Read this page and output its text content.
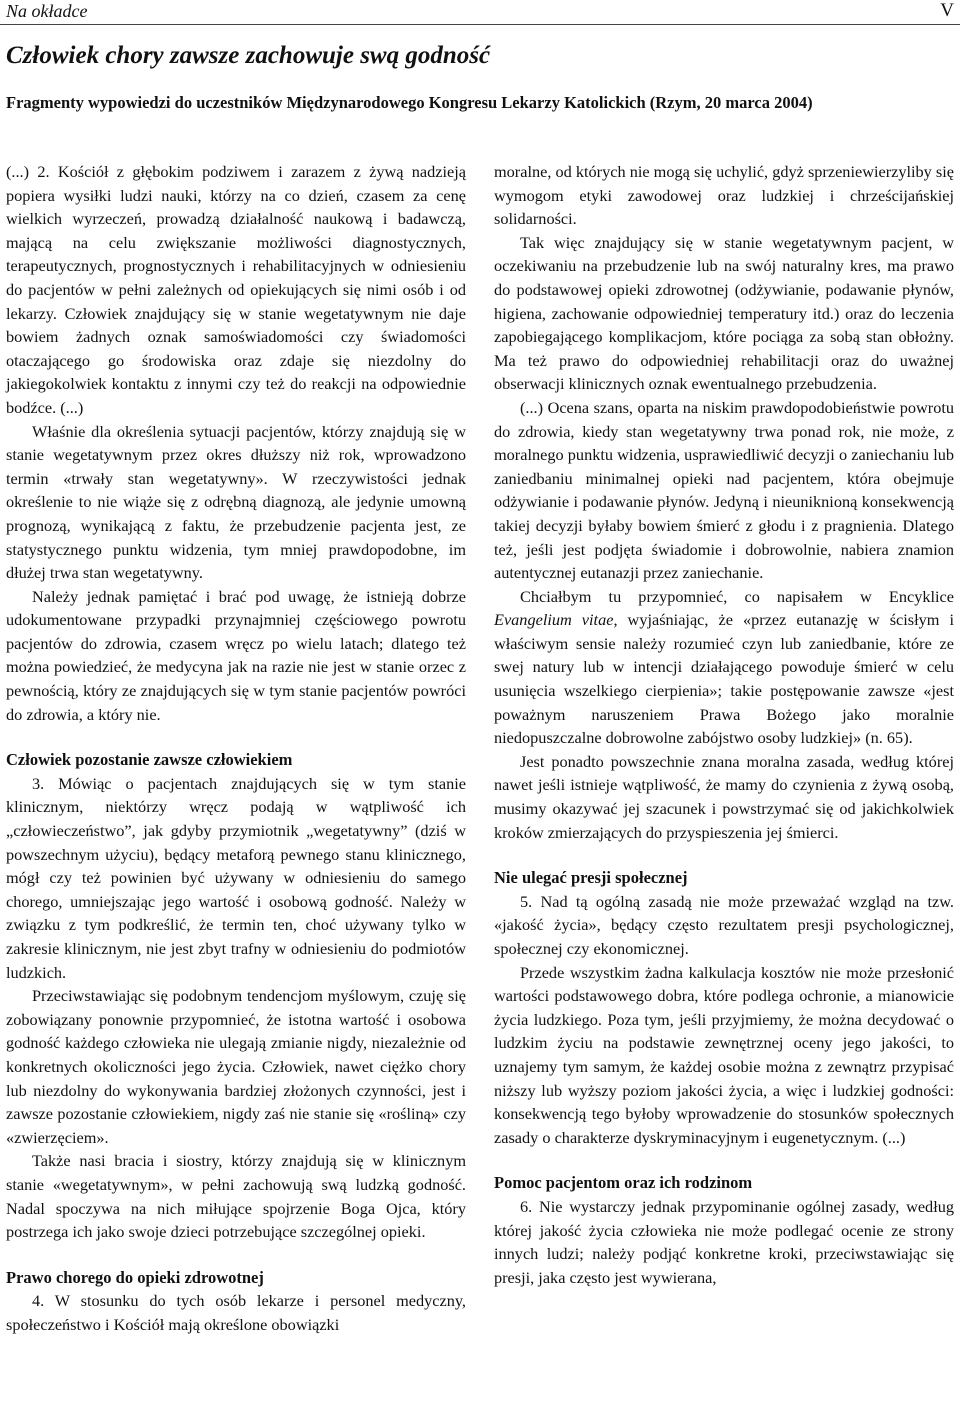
Na okładce	V
Człowiek chory zawsze zachowuje swą godność
Fragmenty wypowiedzi do uczestników Międzynarodowego Kongresu Lekarzy Katolickich (Rzym, 20 marca 2004)

(...) 2. Kościół z głębokim podziwem i zarazem z żywą nadzieją popiera wysiłki ludzi nauki, którzy na co dzień, czasem za cenę wielkich wyrzeczeń, prowadzą działalność naukową i badawczą, mającą na celu zwiększanie możliwości diagnostycznych, terapeutycznych, prognostycznych i rehabilitacyjnych w odniesieniu do pacjentów w pełni zależnych od opiekujących się nimi osób i od lekarzy. Człowiek znajdujący się w stanie wegetatywnym nie daje bowiem żadnych oznak samoświadomości czy świadomości otaczającego go środowiska oraz zdaje się niezdolny do jakiegokolwiek kontaktu z innymi czy też do reakcji na odpowiednie bodźce. (...)

Właśnie dla określenia sytuacji pacjentów, którzy znajdują się w stanie wegetatywnym przez okres dłuższy niż rok, wprowadzono termin «trwały stan wegetatywny». W rzeczywistości jednak określenie to nie wiąże się z odrębną diagnozą, ale jedynie umowną prognozą, wynikającą z faktu, że przebudzenie pacjenta jest, ze statystycznego punktu widzenia, tym mniej prawdopodobne, im dłużej trwa stan wegetatywny.

Należy jednak pamiętać i brać pod uwagę, że istnieją dobrze udokumentowane przypadki przynajmniej częściowego powrotu pacjentów do zdrowia, czasem wręcz po wielu latach; dlatego też można powiedzieć, że medycyna jak na razie nie jest w stanie orzec z pewnością, który ze znajdujących się w tym stanie pacjentów powróci do zdrowia, a który nie.

Człowiek pozostanie zawsze człowiekiem

3. Mówiąc o pacjentach znajdujących się w tym stanie klinicznym, niektórzy wręcz podają w wątpliwość ich „człowieczeństwo”, jak gdyby przymiotnik „wegetatywny” (dziś w powszechnym użyciu), będący metaforą pewnego stanu klinicznego, mógł czy też powinien być używany w odniesieniu do samego chorego, umniejszając jego wartość i osobową godność. Należy w związku z tym podkreślić, że termin ten, choć używany tylko w zakresie klinicznym, nie jest zbyt trafny w odniesieniu do podmiotów ludzkich.

Przeciwstawiając się podobnym tendencjom myślowym, czuję się zobowiązany ponownie przypomnieć, że istotna wartość i osobowa godność każdego człowieka nie ulegają zmianie nigdy, niezależnie od konkretnych okoliczności jego życia. Człowiek, nawet ciężko chory lub niezdolny do wykonywania bardziej złożonych czynności, jest i zawsze pozostanie człowiekiem, nigdy zaś nie stanie się «rośliną» czy «zwierzęciem».

Także nasi bracia i siostry, którzy znajdują się w klinicznym stanie «wegetatywnym», w pełni zachowują swą ludzką godność. Nadal spoczywa na nich miłujące spojrzenie Boga Ojca, który postrzega ich jako swoje dzieci potrzebujące szczególnej opieki.

Prawo chorego do opieki zdrowotnej

4. W stosunku do tych osób lekarze i personel medyczny, społeczeństwo i Kościół mają określone obowiązki

moralne, od których nie mogą się uchylić, gdyż sprzeniewierzyliby się wymogom etyki zawodowej oraz ludzkiej i chrześcijańskiej solidarności.

Tak więc znajdujący się w stanie wegetatywnym pacjent, w oczekiwaniu na przebudzenie lub na swój naturalny kres, ma prawo do podstawowej opieki zdrowotnej (odżywianie, podawanie płynów, higiena, zachowanie odpowiedniej temperatury itd.) oraz do leczenia zapobiegającego komplikacjom, które pociąga za sobą stan obłożny. Ma też prawo do odpowiedniej rehabilitacji oraz do uważnej obserwacji klinicznych oznak ewentualnego przebudzenia.

(...) Ocena szans, oparta na niskim prawdopodobieństwie powrotu do zdrowia, kiedy stan wegetatywny trwa ponad rok, nie może, z moralnego punktu widzenia, usprawiedliwić decyzji o zaniechaniu lub zaniedbaniu minimalnej opieki nad pacjentem, która obejmuje odżywianie i podawanie płynów. Jedyną i nieuniknioną konsekwencją takiej decyzji byłaby bowiem śmierć z głodu i z pragnienia. Dlatego też, jeśli jest podjęta świadomie i dobrowolnie, nabiera znamion autentycznej eutanazji przez zaniechanie.

Chciałbym tu przypomnieć, co napisałem w Encyklice Evangelium vitae, wyjaśniając, że «przez eutanazję w ścisłym i właściwym sensie należy rozumieć czyn lub zaniedbanie, które ze swej natury lub w intencji działającego powoduje śmierć w celu usunięcia wszelkiego cierpienia»; takie postępowanie zawsze «jest poważnym naruszeniem Prawa Bożego jako moralnie niedopuszczalne dobrowolne zabójstwo osoby ludzkiej» (n. 65).

Jest ponadto powszechnie znana moralna zasada, według której nawet jeśli istnieje wątpliwość, że mamy do czynienia z żywą osobą, musimy okazywać jej szacunek i powstrzymać się od jakichkolwiek kroków zmierzających do przyspieszenia jej śmierci.

Nie ulegać presji społecznej

5. Nad tą ogólną zasadą nie może przeważać wzgląd na tzw. «jakość życia», będący często rezultatem presji psychologicznej, społecznej czy ekonomicznej.

Przede wszystkim żadna kalkulacja kosztów nie może przesłonić wartości podstawowego dobra, które podlega ochronie, a mianowicie życia ludzkiego. Poza tym, jeśli przyjmiemy, że można decydować o ludzkim życiu na podstawie zewnętrznej oceny jego jakości, to uznajemy tym samym, że każdej osobie można z zewnątrz przypisać niższy lub wyższy poziom jakości życia, a więc i ludzkiej godności: konsekwencją tego byłoby wprowadzenie do stosunków społecznych zasady o charakterze dyskryminacyjnym i eugenetycznym. (...)

Pomoc pacjentom oraz ich rodzinom

6. Nie wystarczy jednak przypominanie ogólnej zasady, według której jakość życia człowieka nie może podlegać ocenie ze strony innych ludzi; należy podjąć konkretne kroki, przeciwstawiając się presji, jaka często jest wywierana,
